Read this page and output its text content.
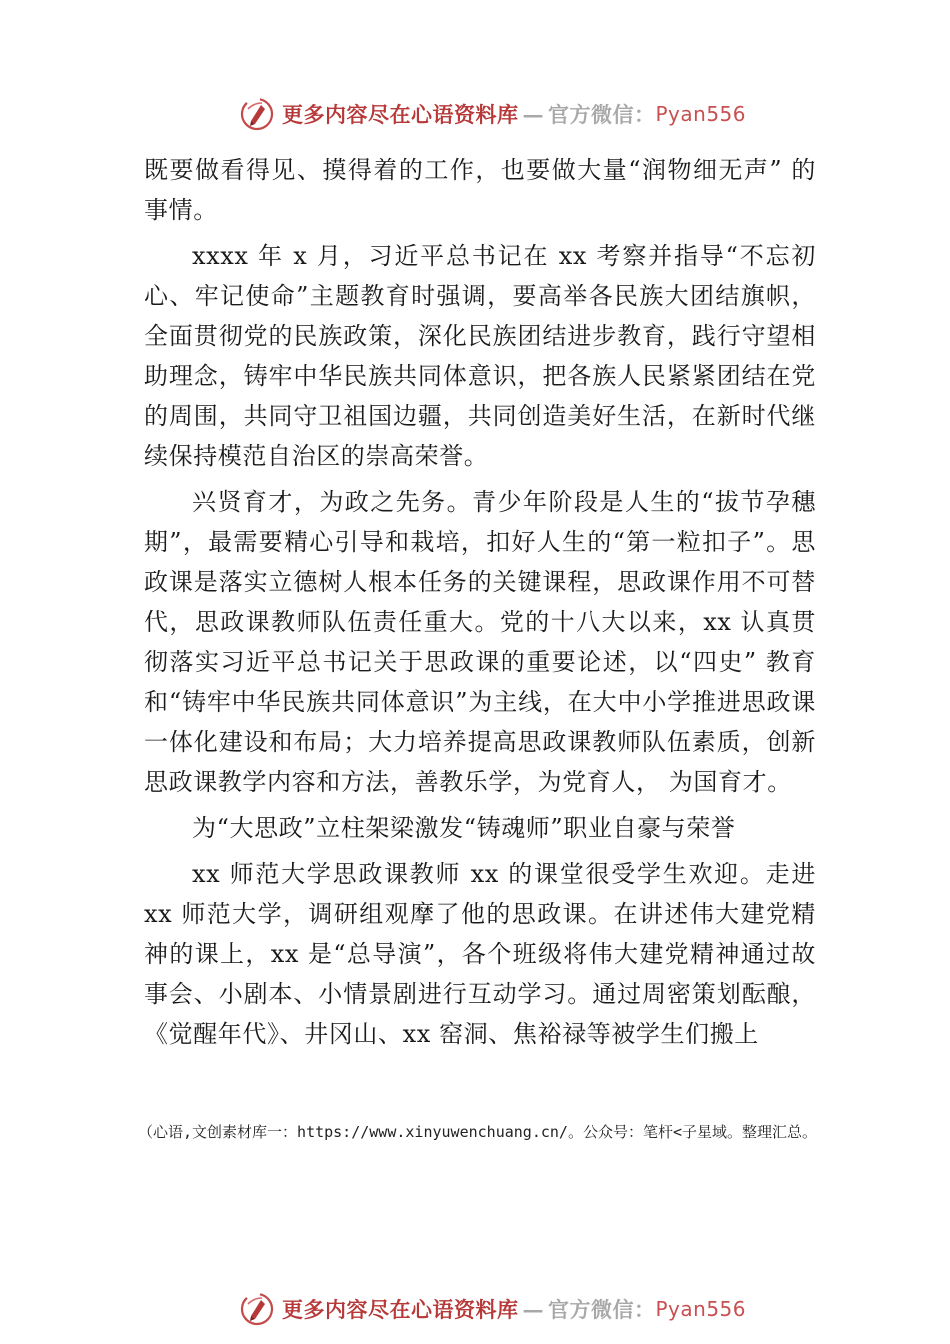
更多内容尽在心语资料库 — 官方微信： Pyan556

既要做看得见、摸得着的工作，也要做大量“润物细无声” 的事情。

xxxx 年 x 月，习近平总书记在 xx 考察并指导“不忘初心、牢记使命”主题教育时强调，要高举各民族大团结旗帜，全面贯彻党的民族政策，深化民族团结进步教育，践行守望相助理念，铸牢中华民族共同体意识，把各族人民紧紧团结在党的周围，共同守卫祖国边疆，共同创造美好生活，在新时代继续保持模范自治区的崇高荣誉。

兴贤育才，为政之先务。青少年阶段是人生的“拔节孕穗期”，最需要精心引导和栽培，扣好人生的“第一粒扣子”。思政课是落实立德树人根本任务的关键课程，思政课作用不可替代，思政课教师队伍责任重大。党的十八大以来，xx 认真贯彻落实习近平总书记关于思政课的重要论述，以“四史” 教育和“铸牢中华民族共同体意识”为主线，在大中小学推进思政课一体化建设和布局；大力培养提高思政课教师队伍素质，创新思政课教学内容和方法，善教乐学，为党育人， 为国育才。

为“大思政”立柱架梁激发“铸魂师”职业自豪与荣誉

xx 师范大学思政课教师 xx 的课堂很受学生欢迎。走进 xx 师范大学，调研组观摩了他的思政课。在讲述伟大建党精神的课上，xx 是“总导演”，各个班级将伟大建党精神通过故事会、小剧本、小情景剧进行互动学习。通过周密策划酝酿，《觉醒年代》、井冈山、xx 窑洞、焦裕禄等被学生们搬上

（心语,文创素材库一：https://www.xinyuwenchuang.cn/。公众号：笔杆<子星域。整理汇总。
更多内容尽在心语资料库 — 官方微信： Pyan556
